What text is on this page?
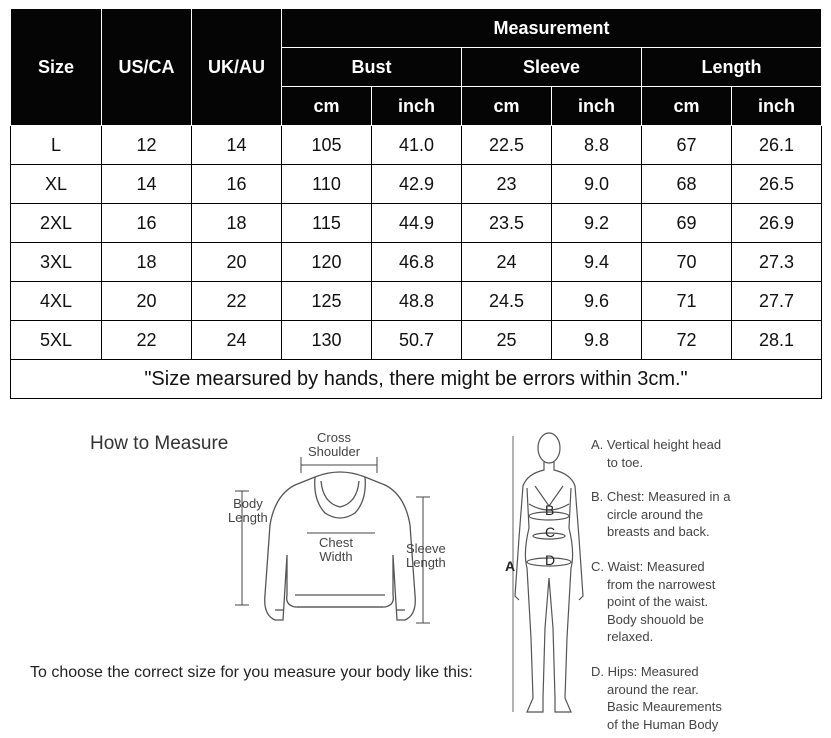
Size	US/CA	UK/AU	Measurement					
			Bust		Sleeve		Length	
			cm	inch	cm	inch	cm	inch
L	12	14	105	41.0	22.5	8.8	67	26.1
XL	14	16	110	42.9	23	9.0	68	26.5
2XL	16	18	115	44.9	23.5	9.2	69	26.9
3XL	18	20	120	46.8	24	9.4	70	27.3
4XL	20	22	125	48.8	24.5	9.6	71	27.7
5XL	22	24	130	50.7	25	9.8	72	28.1
"Size mearsured by hands, there might be errors within 3cm."								
How to Measure	Cross
Shoulder
Body
Length
Chest
Width
Sleeve
Length
To choose the correct size for you measure your body like this:
A
B
C
D
A. Vertical height head

to toe.
B. Chest: Measured in a

circle around the
breasts and back.
C. Waist: Measured

from the narrowest
point of the waist.
Body shouold be
relaxed.
D. Hips: Measured

around the rear.
Basic Meaurements
of the Human Body
